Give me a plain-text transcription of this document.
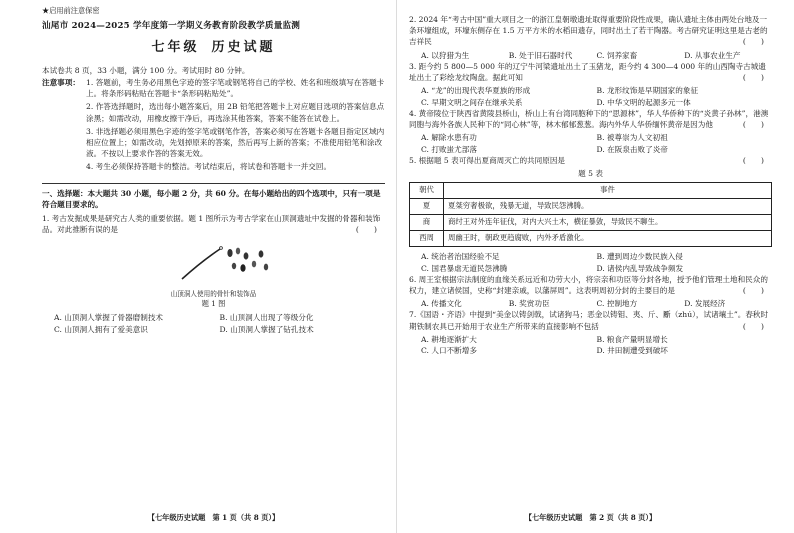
★启用前注意保密
汕尾市 2024—2025 学年度第一学期义务教育阶段教学质量监测
七年级 历史试题
本试卷共 8 页，33 小题，满分 100 分。考试用时 80 分钟。
注意事项： 1. 答题前，考生务必用黑色字迹的签字笔或钢笔将自己的学校、姓名和班级填写在答题卡上。将条形码粘贴在答题卡“条形码粘贴处”。
2. 作答选择题时，选出每小题答案后，用 2B 铅笔把答题卡上对应题目选项的答案信息点涂黑；如需改动，用橡皮擦干净后，再选涂其他答案，答案不能答在试卷上。
3. 非选择题必须用黑色字迹的签字笔或钢笔作答，答案必须写在答题卡各题目指定区域内相应位置上；如需改动，先划掉原来的答案，然后再写上新的答案；不准使用铅笔和涂改液。不按以上要求作答的答案无效。
4. 考生必须保持答题卡的整洁。考试结束后，将试卷和答题卡一并交回。
一、选择题：本大题共 30 小题，每小题 2 分，共 60 分。在每小题给出的四个选项中，只有一项是符合题目要求的。
1. 考古发掘成果是研究古人类的重要依据。题 1 图所示为考古学家在山顶洞遗址中发掘的骨器和装饰品。对此推断有误的是	(　　)
山顶洞人使用的骨针和装饰品
题 1 图
A. 山顶洞人掌握了骨器磨制技术	B. 山顶洞人出现了等级分化
C. 山顶洞人拥有了爱美意识	D. 山顶洞人掌握了钻孔技术
【七年级历史试题　第 1 页（共 8 页）】
2. 2024 年“考古中国”重大项目之一的浙江皇朝墩遗址取得重要阶段性成果，确认遗址主体由两处台地及一条环壕组成，环壕东侧存在 1.5 万平方米的水稻田遗存，同时出土了若干陶器。考古研究证明这里是古老的吉祥民	(　　)
A. 以狩猎为生	B. 处于旧石器时代	C. 饲养家畜	D. 从事农业生产
3. 距今约 5 800—5 000 年的辽宁牛河梁遗址出土了玉猪龙，距今约 4 300—4 000 年的山西陶寺古城遗址出土了彩绘龙纹陶盘。据此可知	(　　)
A. “龙”的出现代表华夏族的形成	B. 龙形纹饰是早期国家的象征
C. 早期文明之间存在继承关系	D. 中华文明的起源多元一体
4. 黄帝陵位于陕西省黄陵县桥山，桥山上有台湾同胞种下的“思源林”，华人华侨种下的“炎黄子孙林”，港澳同胞与海外各族人民种下的“同心林”等，林木郁郁葱葱。海内外华人华侨缅怀黄帝是因为他	(　　)
A. 解除水患有功	B. 被尊崇为人文初祖
C. 打败蚩尤部落	D. 在阪泉击败了炎帝
5. 根据题 5 表可得出夏商周灭亡的共同原因是	(　　)
题 5 表
朝代	事件
夏	夏桀穷奢极欲，残暴无道，导致民怨沸腾。
商	商纣王对外连年征伐，对内大兴土木，横征暴敛，导致民不聊生。
西周	周幽王时，朝政更趋腐败，内外矛盾激化。
A. 统治者治国经验不足	B. 遭到周边少数民族入侵
C. 国君暴虐无道民怨沸腾	D. 诸侯内乱导致战争频发
6. 周王室根据宗法制度的血缘关系远近和功劳大小，将宗亲和功臣等分封各地，授予他们管理土地和民众的权力，建立诸侯国，史称“封建亲戚，以藩屏周”。这表明周初分封的主要目的是	(　　)
A. 传播文化	B. 奖赏功臣	C. 控制地方	D. 发展经济
7.《国语・齐语》中提到“美金以铸剑戟，试诸狗马；恶金以铸钼、夷、斤、斸（zhú），试诸壤土”。春秋时期铁制农具已开始用于农业生产所带来的直接影响不包括	(　　)
A. 耕地逐渐扩大	B. 粮食产量明显增长
C. 人口不断增多	D. 井田制遭受到破坏
【七年级历史试题　第 2 页（共 8 页）】
